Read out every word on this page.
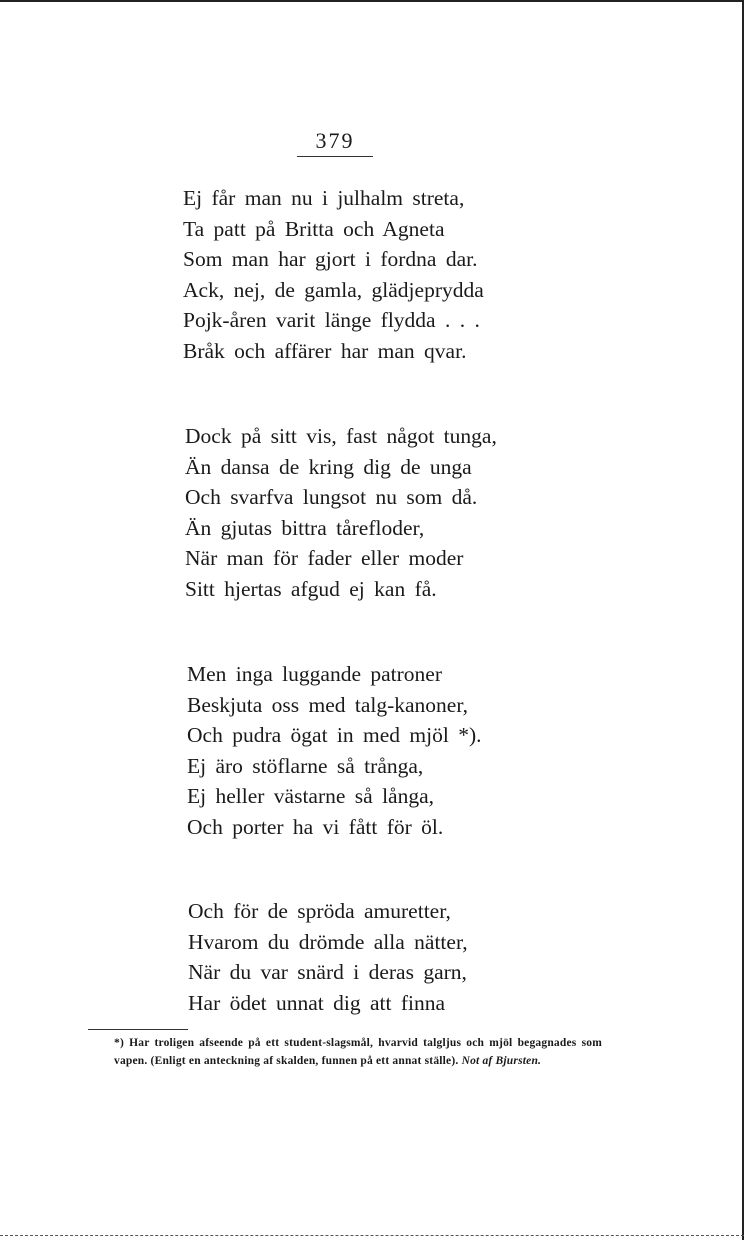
379
Ej får man nu i julhalm streta,
Ta patt på Britta och Agneta
Som man har gjort i fordna dar.
Ack, nej, de gamla, glädjeprydda
Pojk-åren varit länge flydda . . .
Bråk och affärer har man qvar.
Dock på sitt vis, fast något tunga,
Än dansa de kring dig de unga
Och svarfva lungsot nu som då.
Än gjutas bittra tårefloder,
När man för fader eller moder
Sitt hjertas afgud ej kan få.
Men inga luggande patroner
Beskjuta oss med talg-kanoner,
Och pudra ögat in med mjöl *).
Ej äro stöflarne så trånga,
Ej heller västarne så långa,
Och porter ha vi fått för öl.
Och för de spröda amuretter,
Hvarom du drömde alla nätter,
När du var snärd i deras garn,
Har ödet unnat dig att finna

*) Har troligen afseende på ett student-slagsmål, hvarvid talgljus och mjöl begagnades som vapen. (Enligt en anteckning af skalden, funnen på ett annat ställe). Not af Bjursten.
